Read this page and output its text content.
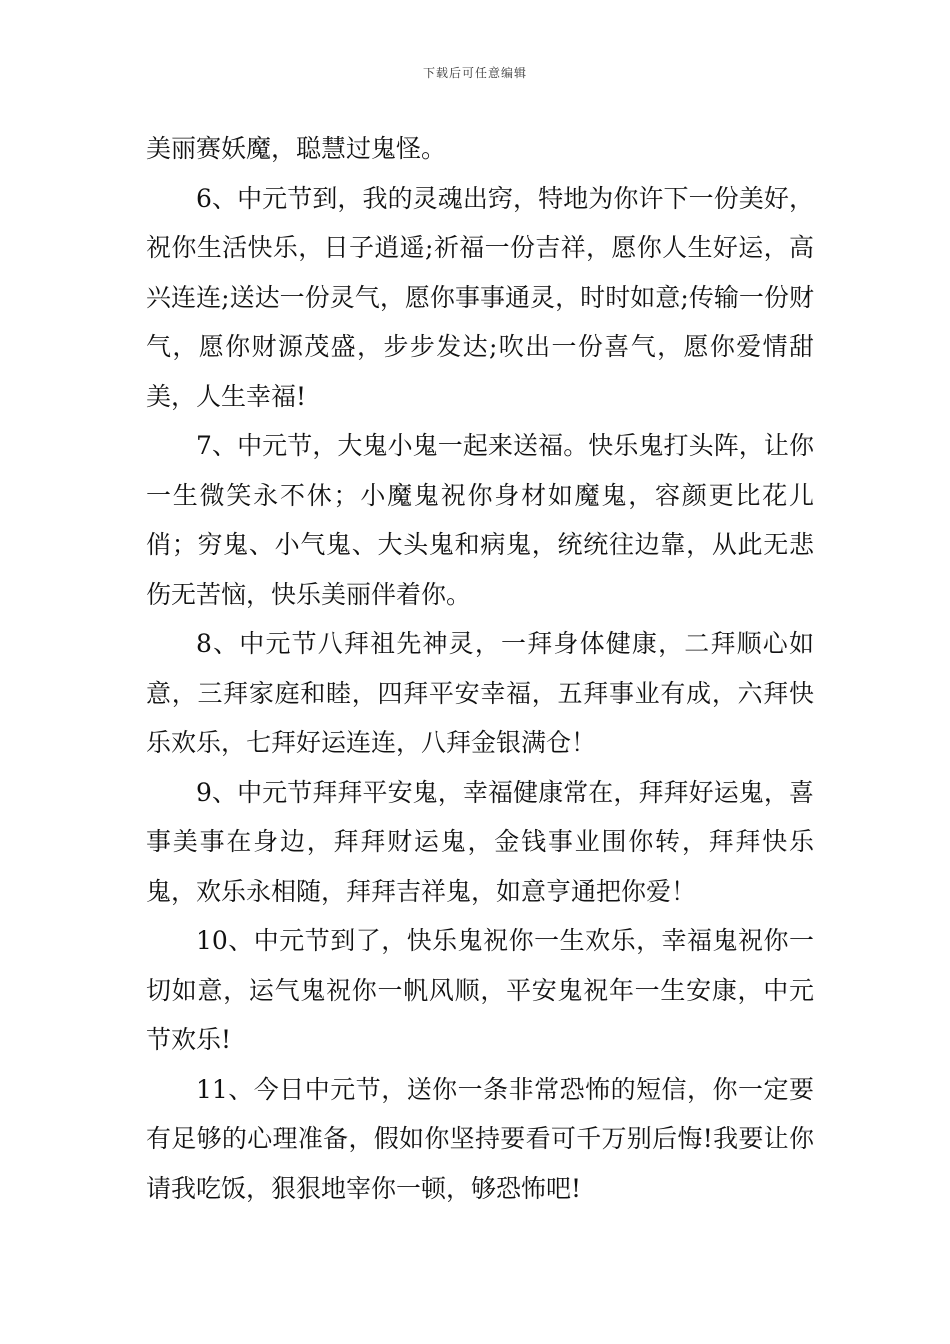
下载后可任意编辑

美丽赛妖魔，聪慧过鬼怪。

6、中元节到，我的灵魂出窍，特地为你许下一份美好，祝你生活快乐，日子逍遥;祈福一份吉祥，愿你人生好运，高兴连连;送达一份灵气，愿你事事通灵，时时如意;传输一份财气，愿你财源茂盛，步步发达;吹出一份喜气，愿你爱情甜美，人生幸福!

7、中元节，大鬼小鬼一起来送福。快乐鬼打头阵，让你一生微笑永不休；小魔鬼祝你身材如魔鬼，容颜更比花儿俏；穷鬼、小气鬼、大头鬼和病鬼，统统往边靠，从此无悲伤无苦恼，快乐美丽伴着你。

8、中元节八拜祖先神灵，一拜身体健康，二拜顺心如意，三拜家庭和睦，四拜平安幸福，五拜事业有成，六拜快乐欢乐，七拜好运连连，八拜金银满仓！

9、中元节拜拜平安鬼，幸福健康常在，拜拜好运鬼，喜事美事在身边，拜拜财运鬼，金钱事业围你转，拜拜快乐鬼，欢乐永相随，拜拜吉祥鬼，如意亨通把你爱！

10、中元节到了，快乐鬼祝你一生欢乐，幸福鬼祝你一切如意，运气鬼祝你一帆风顺，平安鬼祝年一生安康，中元节欢乐!

11、今日中元节，送你一条非常恐怖的短信，你一定要有足够的心理准备，假如你坚持要看可千万别后悔!我要让你请我吃饭，狠狠地宰你一顿，够恐怖吧!
